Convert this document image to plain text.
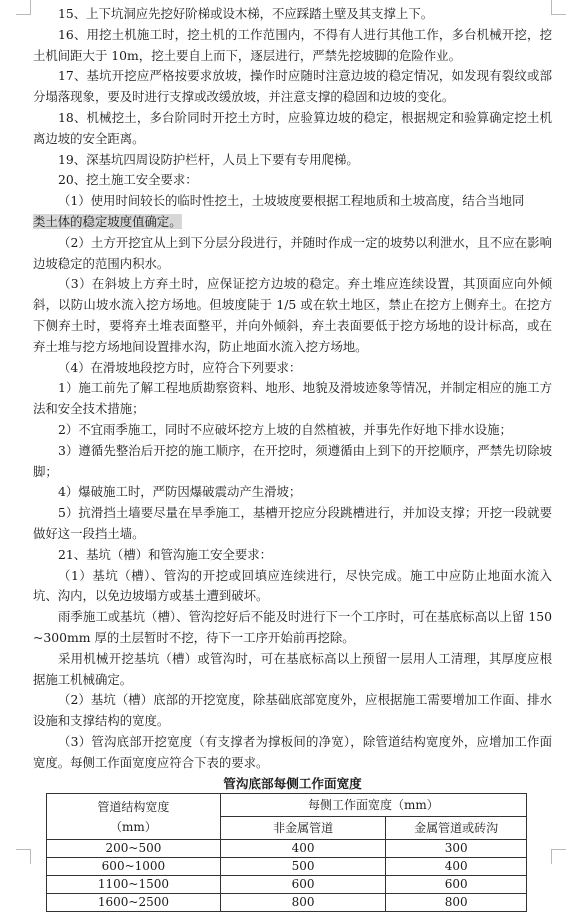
15、上下坑洞应先挖好阶梯或设木梯，不应踩踏土壁及其支撑上下。

16、用挖土机施工时，挖土机的工作范围内，不得有人进行其他工作，多台机械开挖，挖土机间距大于 10m，挖土要自上而下，逐层进行，严禁先挖坡脚的危险作业。

17、基坑开挖应严格按要求放坡，操作时应随时注意边坡的稳定情况，如发现有裂纹或部分塌落现象，要及时进行支撑或改缓放坡，并注意支撑的稳固和边坡的变化。

18、机械挖土，多台阶同时开挖土方时，应验算边坡的稳定，根据规定和验算确定挖土机离边坡的安全距离。

19、深基坑四周设防护栏杆，人员上下要有专用爬梯。

20、挖土施工安全要求：

（1）使用时间较长的临时性挖土，土坡坡度要根据工程地质和土坡高度，结合当地同

类土体的稳定坡度值确定。

（2）土方开挖宜从上到下分层分段进行，并随时作成一定的坡势以利泄水，且不应在影响边坡稳定的范围内积水。

（3）在斜坡上方弃土时，应保证挖方边坡的稳定。弃土堆应连续设置，其顶面应向外倾斜，以防山坡水流入挖方场地。但坡度陡于 1/5 或在软土地区，禁止在挖方上侧弃土。在挖方下侧弃土时，要将弃土堆表面整平，并向外倾斜，弃土表面要低于挖方场地的设计标高，或在弃土堆与挖方场地间设置排水沟，防止地面水流入挖方场地。

（4）在滑坡地段挖方时，应符合下列要求：

1）施工前先了解工程地质勘察资料、地形、地貌及滑坡迹象等情况，并制定相应的施工方法和安全技术措施；

2）不宜雨季施工，同时不应破坏挖方上坡的自然植被，并事先作好地下排水设施；

3）遵循先整治后开挖的施工顺序，在开挖时，须遵循由上到下的开挖顺序，严禁先切除坡脚；

4）爆破施工时，严防因爆破震动产生滑坡；

5）抗滑挡土墙要尽量在旱季施工，基槽开挖应分段跳槽进行，并加设支撑；开挖一段就要做好这一段挡土墙。

21、基坑（槽）和管沟施工安全要求：

（1）基坑（槽）、管沟的开挖或回填应连续进行，尽快完成。施工中应防止地面水流入坑、沟内，以免边坡塌方或基土遭到破坏。

雨季施工或基坑（槽）、管沟挖好后不能及时进行下一个工序时，可在基底标高以上留 150~300mm 厚的土层暂时不挖，待下一工序开始前再挖除。

采用机械开挖基坑（槽）或管沟时，可在基底标高以上预留一层用人工清理，其厚度应根据施工机械确定。

（2）基坑（槽）底部的开挖宽度，除基础底部宽度外，应根据施工需要增加工作面、排水设施和支撑结构的宽度。

（3）管沟底部开挖宽度（有支撑者为撑板间的净宽），除管道结构宽度外，应增加工作面宽度。每侧工作面宽度应符合下表的要求。

管沟底部每侧工作面宽度
管道结构宽度
（mm）	每侧工作面宽度（mm）	
	非金属管道	金属管道或砖沟
200~500	400	300
600~1000	500	400
1100~1500	600	600
1600~2500	800	800
